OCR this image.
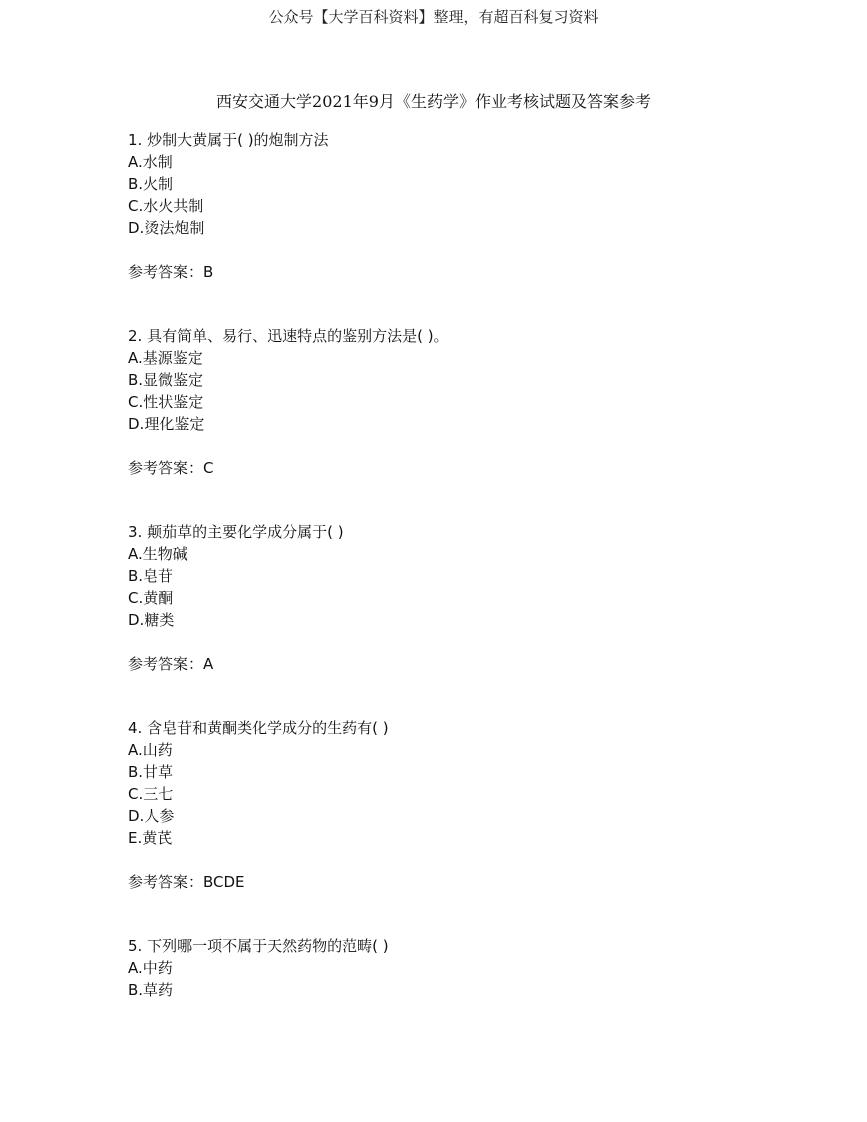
公众号【大学百科资料】整理，有超百科复习资料
西安交通大学2021年9月《生药学》作业考核试题及答案参考
1. 炒制大黄属于( )的炮制方法
A.水制
B.火制
C.水火共制
D.烫法炮制
参考答案：B
2. 具有简单、易行、迅速特点的鉴别方法是( )。
A.基源鉴定
B.显微鉴定
C.性状鉴定
D.理化鉴定
参考答案：C
3. 颠茄草的主要化学成分属于( )
A.生物碱
B.皂苷
C.黄酮
D.糖类
参考答案：A
4. 含皂苷和黄酮类化学成分的生药有( )
A.山药
B.甘草
C.三七
D.人参
E.黄芪
参考答案：BCDE
5. 下列哪一项不属于天然药物的范畴( )
A.中药
B.草药
